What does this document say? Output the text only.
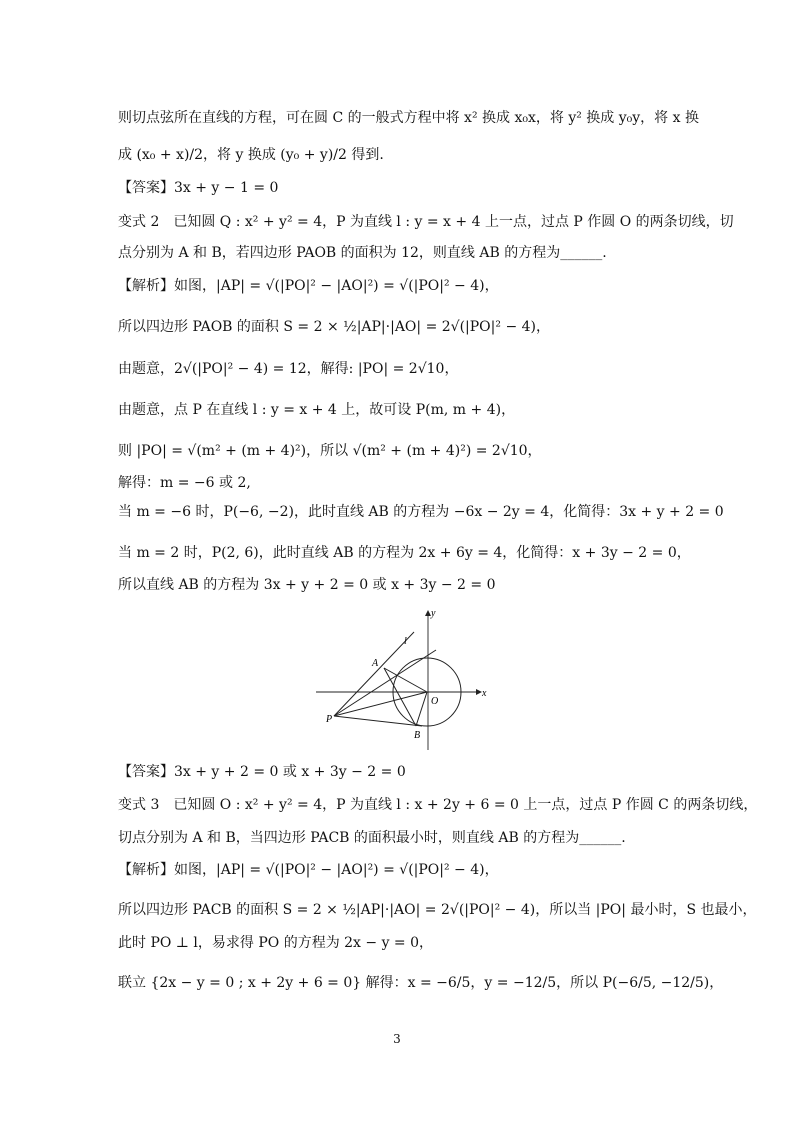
则切点弦所在直线的方程，可在圆 C 的一般式方程中将 x² 换成 x₀x，将 y² 换成 y₀y，将 x 换
成 (x₀ + x)/2，将 y 换成 (y₀ + y)/2 得到.
【答案】3x + y − 1 = 0
变式 2　已知圆 Q : x² + y² = 4，P 为直线 l : y = x + 4 上一点，过点 P 作圆 O 的两条切线，切
点分别为 A 和 B，若四边形 PAOB 的面积为 12，则直线 AB 的方程为______.
【解析】如图，|AP| = √(|PO|² − |AO|²) = √(|PO|² − 4)，
所以四边形 PAOB 的面积 S = 2 × ½|AP|·|AO| = 2√(|PO|² − 4)，
由题意，2√(|PO|² − 4) = 12，解得: |PO| = 2√10，
由题意，点 P 在直线 l : y = x + 4 上，故可设 P(m, m + 4)，
则 |PO| = √(m² + (m + 4)²)，所以 √(m² + (m + 4)²) = 2√10，
解得：m = −6 或 2,
当 m = −6 时，P(−6, −2)，此时直线 AB 的方程为 −6x − 2y = 4，化简得：3x + y + 2 = 0
当 m = 2 时，P(2, 6)，此时直线 AB 的方程为 2x + 6y = 4，化简得：x + 3y − 2 = 0，
所以直线 AB 的方程为 3x + y + 2 = 0 或 x + 3y − 2 = 0
x
y
l
A
B
O
P
【答案】3x + y + 2 = 0 或 x + 3y − 2 = 0
变式 3　已知圆 O : x² + y² = 4，P 为直线 l : x + 2y + 6 = 0 上一点，过点 P 作圆 C 的两条切线，
切点分别为 A 和 B，当四边形 PACB 的面积最小时，则直线 AB 的方程为______.
【解析】如图，|AP| = √(|PO|² − |AO|²) = √(|PO|² − 4)，
所以四边形 PACB 的面积 S = 2 × ½|AP|·|AO| = 2√(|PO|² − 4)，所以当 |PO| 最小时，S 也最小，
此时 PO ⊥ l，易求得 PO 的方程为 2x − y = 0，
联立 {2x − y = 0 ; x + 2y + 6 = 0} 解得：x = −6/5，y = −12/5，所以 P(−6/5, −12/5)，
3
